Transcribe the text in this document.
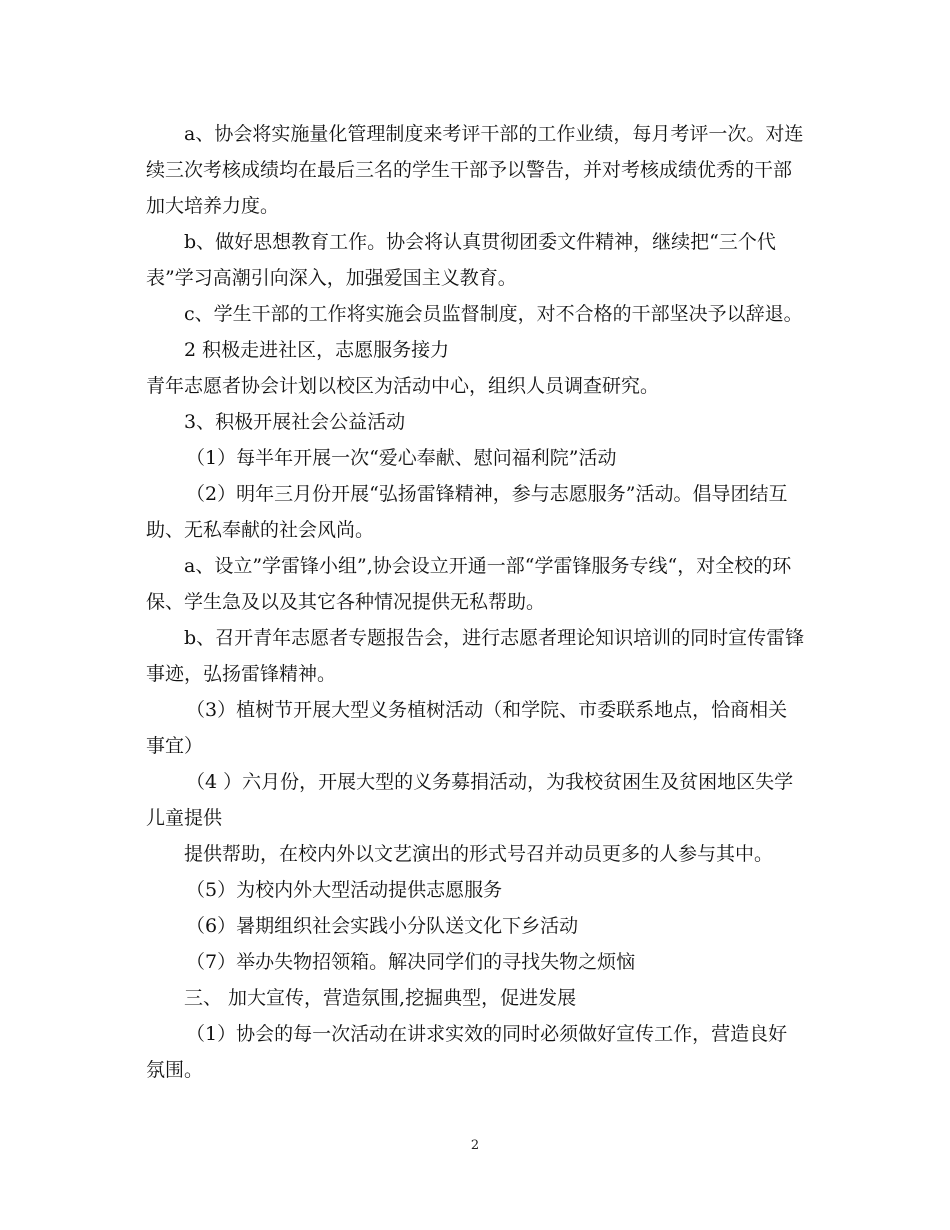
a、协会将实施量化管理制度来考评干部的工作业绩，每月考评一次。对连续三次考核成绩均在最后三名的学生干部予以警告，并对考核成绩优秀的干部加大培养力度。

b、做好思想教育工作。协会将认真贯彻团委文件精神，继续把“三个代表”学习高潮引向深入，加强爱国主义教育。

c、学生干部的工作将实施会员监督制度，对不合格的干部坚决予以辞退。

2 积极走进社区，志愿服务接力

青年志愿者协会计划以校区为活动中心，组织人员调查研究。

3、积极开展社会公益活动

（1）每半年开展一次“爱心奉献、慰问福利院”活动

（2）明年三月份开展“弘扬雷锋精神，参与志愿服务”活动。倡导团结互助、无私奉献的社会风尚。

a、设立”学雷锋小组”,协会设立开通一部“学雷锋服务专线“，对全校的环保、学生急及以及其它各种情况提供无私帮助。

b、召开青年志愿者专题报告会，进行志愿者理论知识培训的同时宣传雷锋事迹，弘扬雷锋精神。

（3）植树节开展大型义务植树活动（和学院、市委联系地点，恰商相关事宜）

（4 ）六月份，开展大型的义务募捐活动，为我校贫困生及贫困地区失学儿童提供

提供帮助，在校内外以文艺演出的形式号召并动员更多的人参与其中。

（5）为校内外大型活动提供志愿服务

（6）暑期组织社会实践小分队送文化下乡活动

（7）举办失物招领箱。解决同学们的寻找失物之烦恼

三、 加大宣传，营造氛围,挖掘典型，促进发展

（1）协会的每一次活动在讲求实效的同时必须做好宣传工作，营造良好氛围。

2
